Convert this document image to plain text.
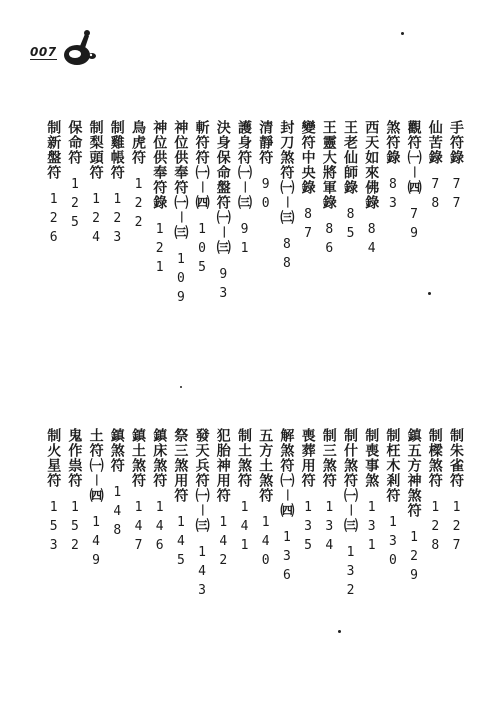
007
手符錄
77
仙苦錄
78
觀符㈠－㈣
79
煞符錄
83
西天如來佛錄
84
王老仙師錄
85
王靈大將軍錄
86
變符中央錄
87
封刀煞符㈠－㈢
88
清靜符
90
護身符㈠－㈢
91
決身保命盤符㈠－㈢
93
斬符符㈠－㈣
105
神位供奉符㈠－㈢
109
神位供奉符錄
121
鳥虎符
122
制雞帳符
123
制梨頭符
124
保命符
125
制新盤符
126
制朱雀符
127
制樑煞符
128
鎮五方神煞符
129
制枉木剎符
130
制喪事煞
131
制什煞符㈠－㈢
132
制三煞符
134
喪葬用符
135
解煞符㈠－㈣
136
五方土煞符
140
制土煞符
141
犯胎神用符
142
發天兵符㈠－㈢
143
祭三煞用符
145
鎮床煞符
146
鎮土煞符
147
鎮煞符
148
土符㈠－㈣
149
鬼作祟符
152
制火星符
153
